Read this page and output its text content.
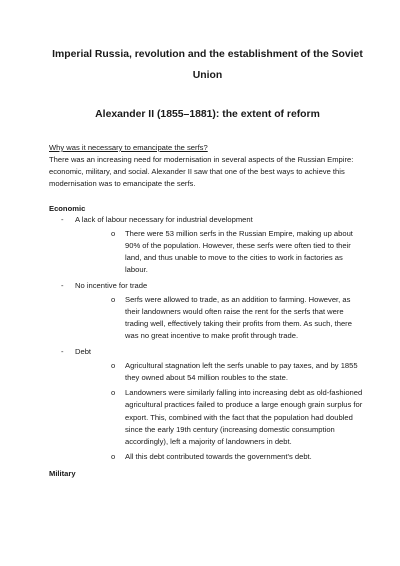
Imperial Russia, revolution and the establishment of the Soviet
Union
Alexander II (1855–1881): the extent of reform
Why was it necessary to emancipate the serfs?
There was an increasing need for modernisation in several aspects of the Russian Empire: economic, military, and social. Alexander II saw that one of the best ways to achieve this modernisation was to emancipate the serfs.
Economic
- A lack of labour necessary for industrial development
o There were 53 million serfs in the Russian Empire, making up about 90% of the population. However, these serfs were often tied to their land, and thus unable to move to the cities to work in factories as labour.
- No incentive for trade
o Serfs were allowed to trade, as an addition to farming. However, as their landowners would often raise the rent for the serfs that were trading well, effectively taking their profits from them. As such, there was no great incentive to make profit through trade.
- Debt
o Agricultural stagnation left the serfs unable to pay taxes, and by 1855 they owned about 54 million roubles to the state.
o Landowners were similarly falling into increasing debt as old-fashioned agricultural practices failed to produce a large enough grain surplus for export. This, combined with the fact that the population had doubled since the early 19th century (increasing domestic consumption accordingly), left a majority of landowners in debt.
o All this debt contributed towards the government's debt.
Military
